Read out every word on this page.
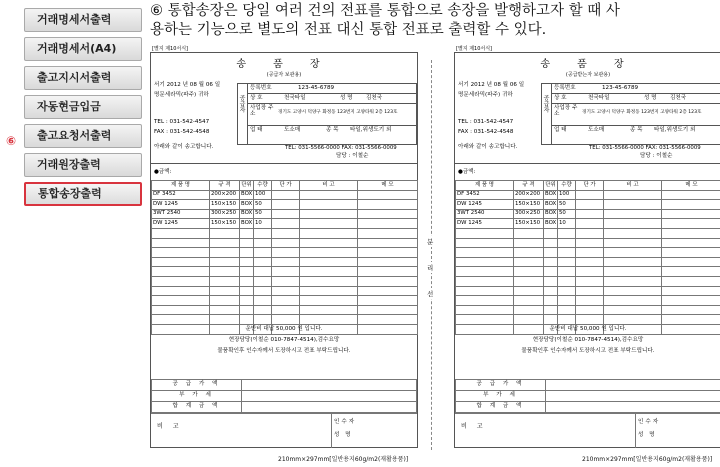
거래명세서출력
거래명세서(A4)
출고지시서출력
자동현금입금
출고요청서출력
거래원장출력
통합송장출력
⑥
⑥ 통합송장은 당일 여러 건의 전표를 통합으로 송장을 발행하고자 할 때 사
용하는 기능으로 별도의 전표 대신 통합 전표로 출력할 수 있다.
[별지 제10서식]
송 품 장
(공급자 보관용)
서기 2012 년 08 월 06 일
명문세라믹(파주) 귀하
TEL : 031-542-4547
FAX : 031-542-4548
아래와 같이 송고합니다.
공급자
등록번호	123-45-6789
상 호	천국타일	성 명 김천국
사업장 주 소	경기도 고양시 덕양구 화정동 123번지 고양타워 2층 123호
업 태	도소매	종 목 타일,위생도기 외
TEL: 031-5566-0000 FAX: 031-5566-0009
담당 : 이철순
●금액:
제 품 명	규 격	단위	수량	단 가	비 고	메 모
DF 3452	200×200	BOX	100			
DW 1245	150×150	BOX	50			
3WT 2540	300×250	BOX	50			
DW 1245	150×150	BOX	10			

운반비 대납 50,000 원 입니다.
현장담당(이철순 010-7847-4514),검수요망
물품확인후 인수자께서 도장하시고 전표 부탁드립니다.
공 급 가 액	
부 가 세	
합 계 금 액	
비 고
인수자
성 명
210mm×297mm[일반용지60g/m2(재활용품)]
[별지 제10서식]
송 품 장
(공급받는자 보관용)
서기 2012 년 08 월 06 일
명문세라믹(파주) 귀하
TEL : 031-542-4547
FAX : 031-542-4548
아래와 같이 송고합니다.
공급자
등록번호	123-45-6789
상 호	천국타일	성 명 김천국
사업장 주 소	경기도 고양시 덕양구 화정동 123번지 고양타워 2층 123호
업 태	도소매	종 목 타일,위생도기 외
TEL: 031-5566-0000 FAX: 031-5566-0009
담당 : 이철순
●금액:
제 품 명	규 격	단위	수량	단 가	비 고	메 모
DF 3452	200×200	BOX	100			
DW 1245	150×150	BOX	50			
3WT 2540	300×250	BOX	50			
DW 1245	150×150	BOX	10			

운반비 대납 50,000 원 입니다.
현장담당(이철순 010-7847-4514),검수요망
물품확인후 인수자께서 도장하시고 전표 부탁드립니다.
공 급 가 액	
부 가 세	
합 계 금 액	
비 고
인수자
성 명
210mm×297mm[일반용지60g/m2(재활용품)]
분
리
선
